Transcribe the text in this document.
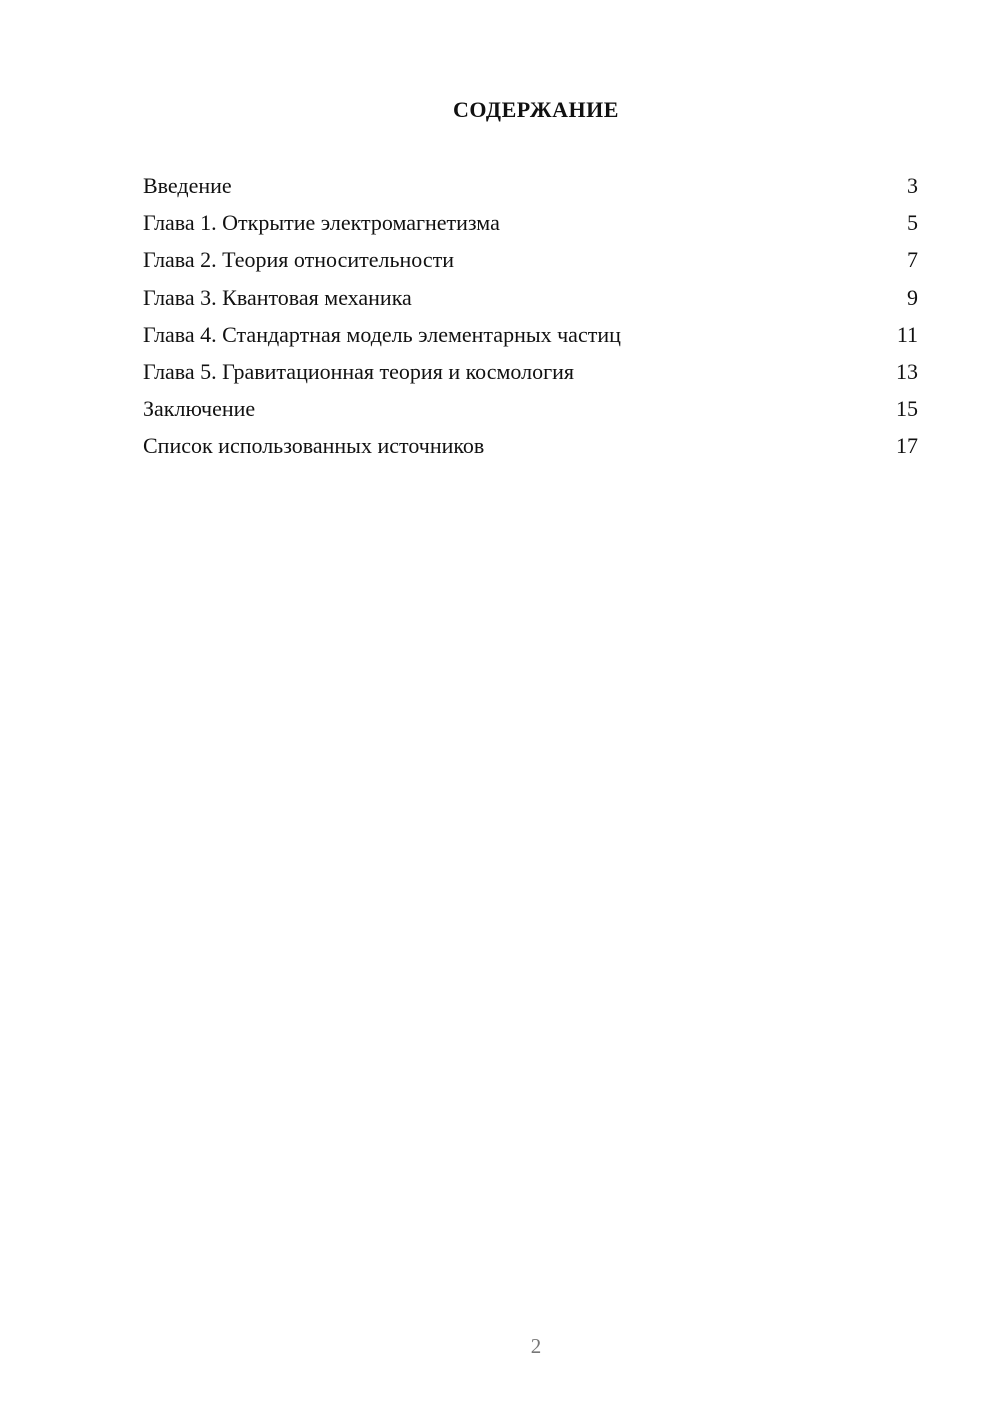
СОДЕРЖАНИЕ
Введение	3
Глава 1. Открытие электромагнетизма	5
Глава 2. Теория относительности	7
Глава 3. Квантовая механика	9
Глава 4. Стандартная модель элементарных частиц	11
Глава 5. Гравитационная теория и космология	13
Заключение	15
Список использованных источников	17
2
